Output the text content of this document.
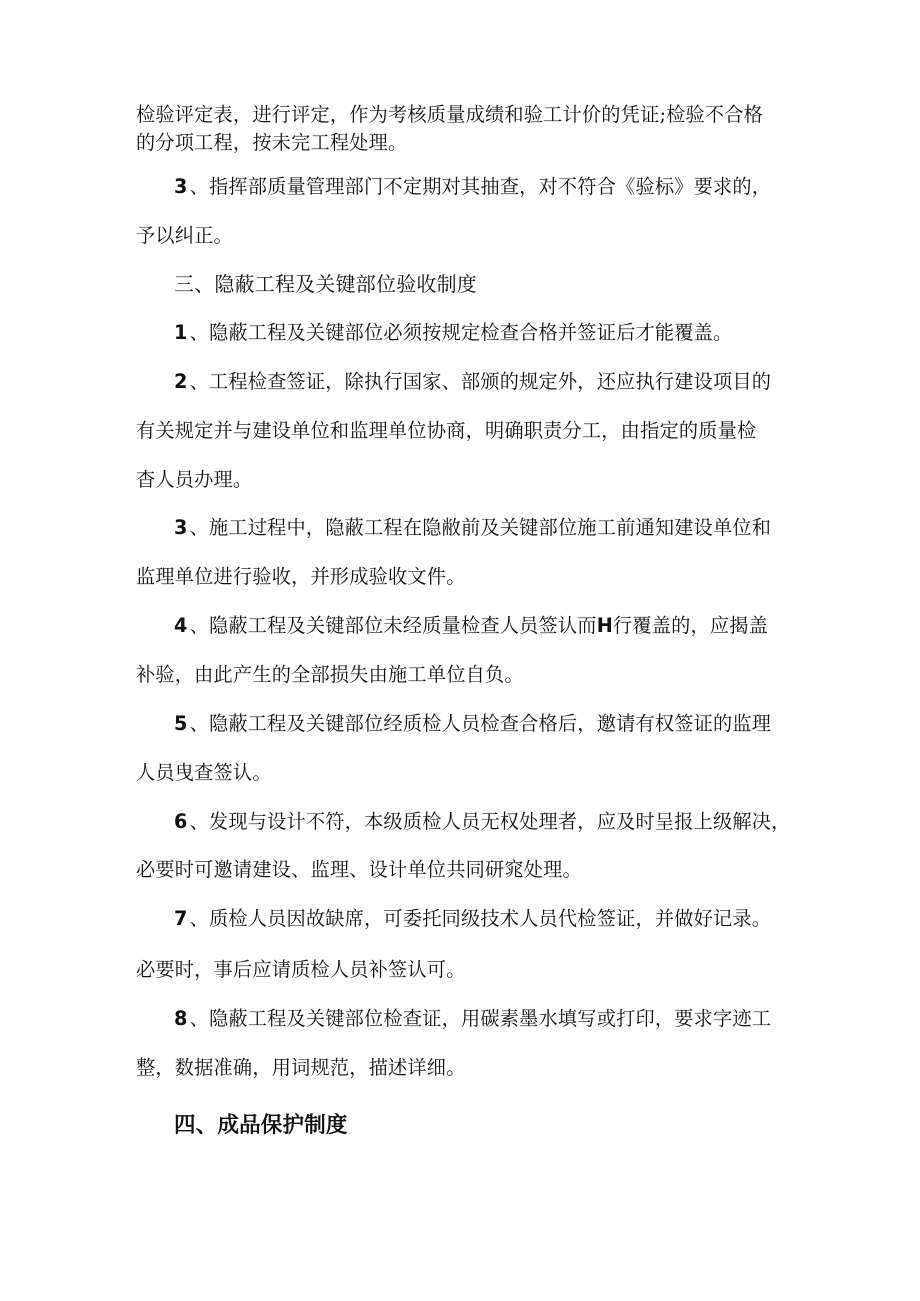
检验评定表，进行评定，作为考核质量成绩和验工计价的凭证;检验不合格
的分项工程，按未完工程处理。
3 、指挥部质量管理部门不定期对其抽查，对不符合《验标》要求的，
予以纠正。
三、隐蔽工程及关键部位验收制度
1 、隐蔽工程及关键部位必须按规定检查合格并签证后才能覆盖。
2 、工程检查签证，除执行国家、部颁的规定外，还应执行建设项目的
有关规定并与建设单位和监理单位协商，明确职责分工，由指定的质量检
杳人员办理。
3 、施工过程中，隐蔽工程在隐敝前及关键部位施工前通知建设单位和
监理单位进行验收，并形成验收文件。
4 、隐蔽工程及关键部位未经质量检查人员签认而H行覆盖的，应揭盖
补验，由此产生的全部损失由施工单位自负。
5 、隐蔽工程及关键部位经质检人员检查合格后，邀请有权签证的监理
人员曳查签认。
6 、发现与设计不符，本级质检人员无权处理者，应及时呈报上级解决，
必要时可邀请建设、监理、设计单位共同研窕处理。
7 、质检人员因故缺席，可委托同级技术人员代检签证，并做好记录。
必要时，事后应请质检人员补签认可。
8 、隐蔽工程及关键部位检查证，用碳素墨水填写或打印，要求字迹工
整，数据准确，用词规范，描述详细。
四、成品保护制度
